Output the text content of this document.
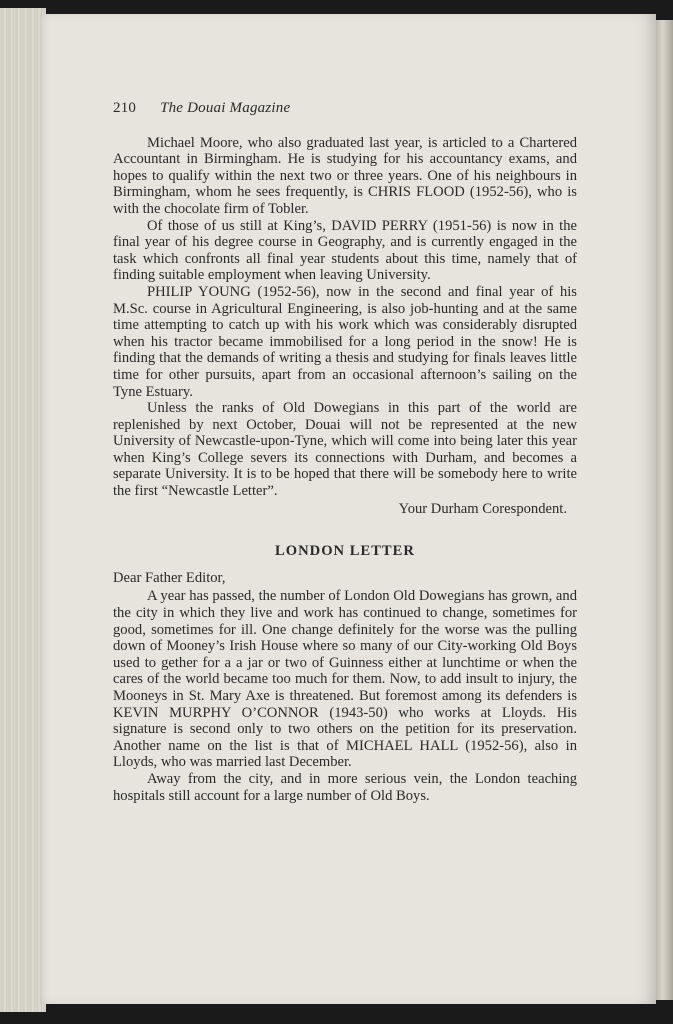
210 The Douai Magazine

Michael Moore, who also graduated last year, is articled to a Chartered Accountant in Birmingham. He is studying for his accountancy exams, and hopes to qualify within the next two or three years. One of his neighbours in Birmingham, whom he sees frequently, is CHRIS FLOOD (1952-56), who is with the chocolate firm of Tobler.

Of those of us still at King’s, DAVID PERRY (1951-56) is now in the final year of his degree course in Geography, and is currently engaged in the task which confronts all final year students about this time, namely that of finding suitable employment when leaving University.

PHILIP YOUNG (1952-56), now in the second and final year of his M.Sc. course in Agricultural Engineering, is also job-hunting and at the same time attempting to catch up with his work which was considerably disrupted when his tractor became immobilised for a long period in the snow! He is finding that the demands of writing a thesis and studying for finals leaves little time for other pursuits, apart from an occasional afternoon’s sailing on the Tyne Estuary.

Unless the ranks of Old Dowegians in this part of the world are replenished by next October, Douai will not be represented at the new University of Newcastle-upon-Tyne, which will come into being later this year when King’s College severs its connections with Durham, and becomes a separate University. It is to be hoped that there will be somebody here to write the first “Newcastle Letter”.

Your Durham Corespondent.

LONDON LETTER

Dear Father Editor,

A year has passed, the number of London Old Dowegians has grown, and the city in which they live and work has continued to change, sometimes for good, sometimes for ill. One change definitely for the worse was the pulling down of Mooney’s Irish House where so many of our City-working Old Boys used to gether for a a jar or two of Guinness either at lunchtime or when the cares of the world became too much for them. Now, to add insult to injury, the Mooneys in St. Mary Axe is threatened. But foremost among its defenders is KEVIN MURPHY O’CONNOR (1943-50) who works at Lloyds. His signature is second only to two others on the petition for its preservation. Another name on the list is that of MICHAEL HALL (1952-56), also in Lloyds, who was married last December.

Away from the city, and in more serious vein, the London teaching hospitals still account for a large number of Old Boys.
